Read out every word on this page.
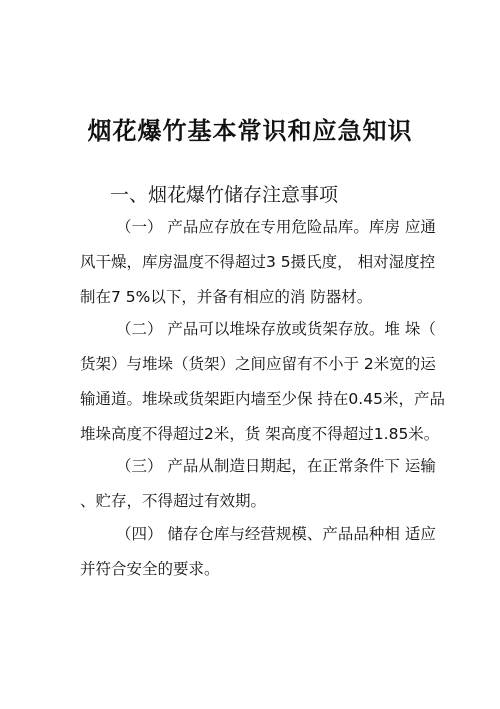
烟花爆竹基本常识和应急知识
一、烟花爆竹储存注意事项
（一） 产品应存放在专用危险品库。库房 应通
风干燥，库房温度不得超过3 5摄氏度， 相对湿度控
制在7 5%以下，并备有相应的消 防器材。
（二） 产品可以堆垛存放或货架存放。堆 垛（
货架）与堆垛（货架）之间应留有不小于 2米宽的运
输通道。堆垛或货架距内墙至少保 持在0.45米，产品
堆垛高度不得超过2米，货 架高度不得超过1.85米。
（三） 产品从制造日期起，在正常条件下 运输
、贮存，不得超过有效期。
（四） 储存仓库与经营规模、产品品种相 适应
并符合安全的要求。
